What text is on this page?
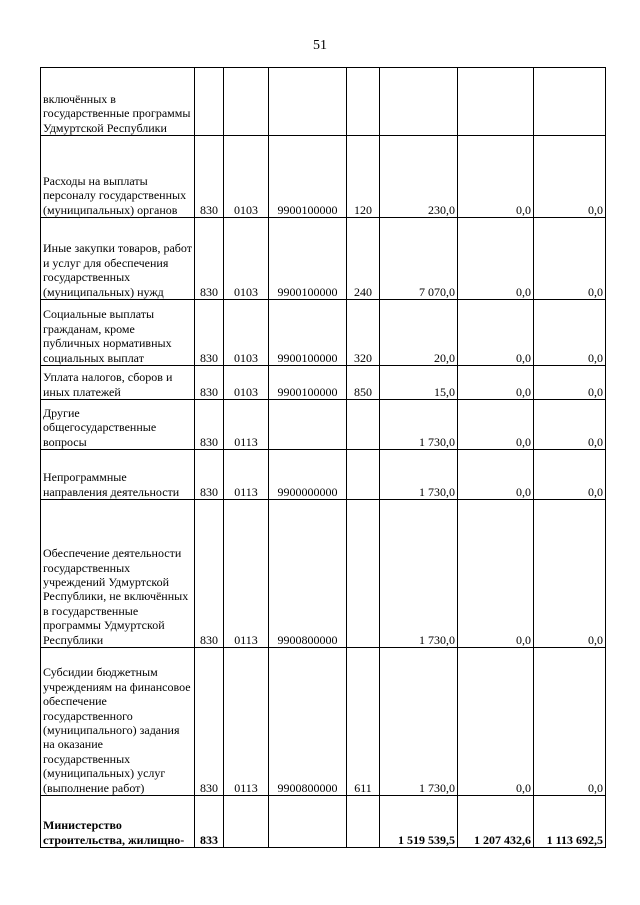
51
включённых в государственные программы Удмуртской Республики							
Расходы на выплаты персоналу государственных (муниципальных) органов	830	0103	9900100000	120	230,0	0,0	0,0
Иные закупки товаров, работ и услуг для обеспечения государственных (муниципальных) нужд	830	0103	9900100000	240	7 070,0	0,0	0,0
Социальные выплаты гражданам, кроме публичных нормативных социальных выплат	830	0103	9900100000	320	20,0	0,0	0,0
Уплата налогов, сборов и иных платежей	830	0103	9900100000	850	15,0	0,0	0,0
Другие общегосударственные вопросы	830	0113			1 730,0	0,0	0,0
Непрограммные направления деятельности	830	0113	9900000000		1 730,0	0,0	0,0
Обеспечение деятельности государственных учреждений Удмуртской Республики, не включённых в государственные программы Удмуртской Республики	830	0113	9900800000		1 730,0	0,0	0,0
Субсидии бюджетным учреждениям на финансовое обеспечение государственного (муниципального) задания на оказание государственных (муниципальных) услуг (выполнение работ)	830	0113	9900800000	611	1 730,0	0,0	0,0
Министерство строительства, жилищно-	833				1 519 539,5	1 207 432,6	1 113 692,5
